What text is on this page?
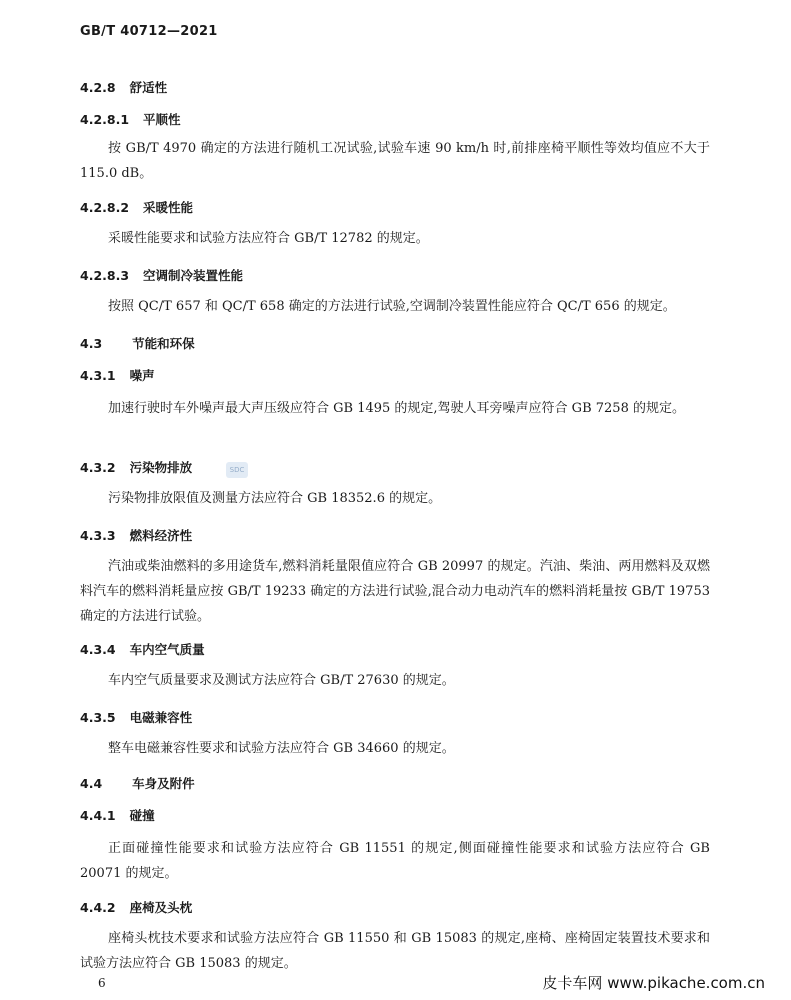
GB/T 40712—2021
4.2.8 舒适性
4.2.8.1 平顺性
按 GB/T 4970 确定的方法进行随机工况试验,试验车速 90 km/h 时,前排座椅平顺性等效均值应不大于 115.0 dB。
4.2.8.2 采暖性能
采暖性能要求和试验方法应符合 GB/T 12782 的规定。
4.2.8.3 空调制冷装置性能
按照 QC/T 657 和 QC/T 658 确定的方法进行试验,空调制冷装置性能应符合 QC/T 656 的规定。
4.3 节能和环保
4.3.1 噪声
加速行驶时车外噪声最大声压级应符合 GB 1495 的规定,驾驶人耳旁噪声应符合 GB 7258 的规定。
4.3.2 污染物排放	SDC
污染物排放限值及测量方法应符合 GB 18352.6 的规定。
4.3.3 燃料经济性
汽油或柴油燃料的多用途货车,燃料消耗量限值应符合 GB 20997 的规定。汽油、柴油、两用燃料及双燃料汽车的燃料消耗量应按 GB/T 19233 确定的方法进行试验,混合动力电动汽车的燃料消耗量按 GB/T 19753 确定的方法进行试验。
4.3.4 车内空气质量
车内空气质量要求及测试方法应符合 GB/T 27630 的规定。
4.3.5 电磁兼容性
整车电磁兼容性要求和试验方法应符合 GB 34660 的规定。
4.4 车身及附件
4.4.1 碰撞
正面碰撞性能要求和试验方法应符合 GB 11551 的规定,侧面碰撞性能要求和试验方法应符合 GB 20071 的规定。
4.4.2 座椅及头枕
座椅头枕技术要求和试验方法应符合 GB 11550 和 GB 15083 的规定,座椅、座椅固定装置技术要求和试验方法应符合 GB 15083 的规定。
6	皮卡车网 www.pikache.com.cn
